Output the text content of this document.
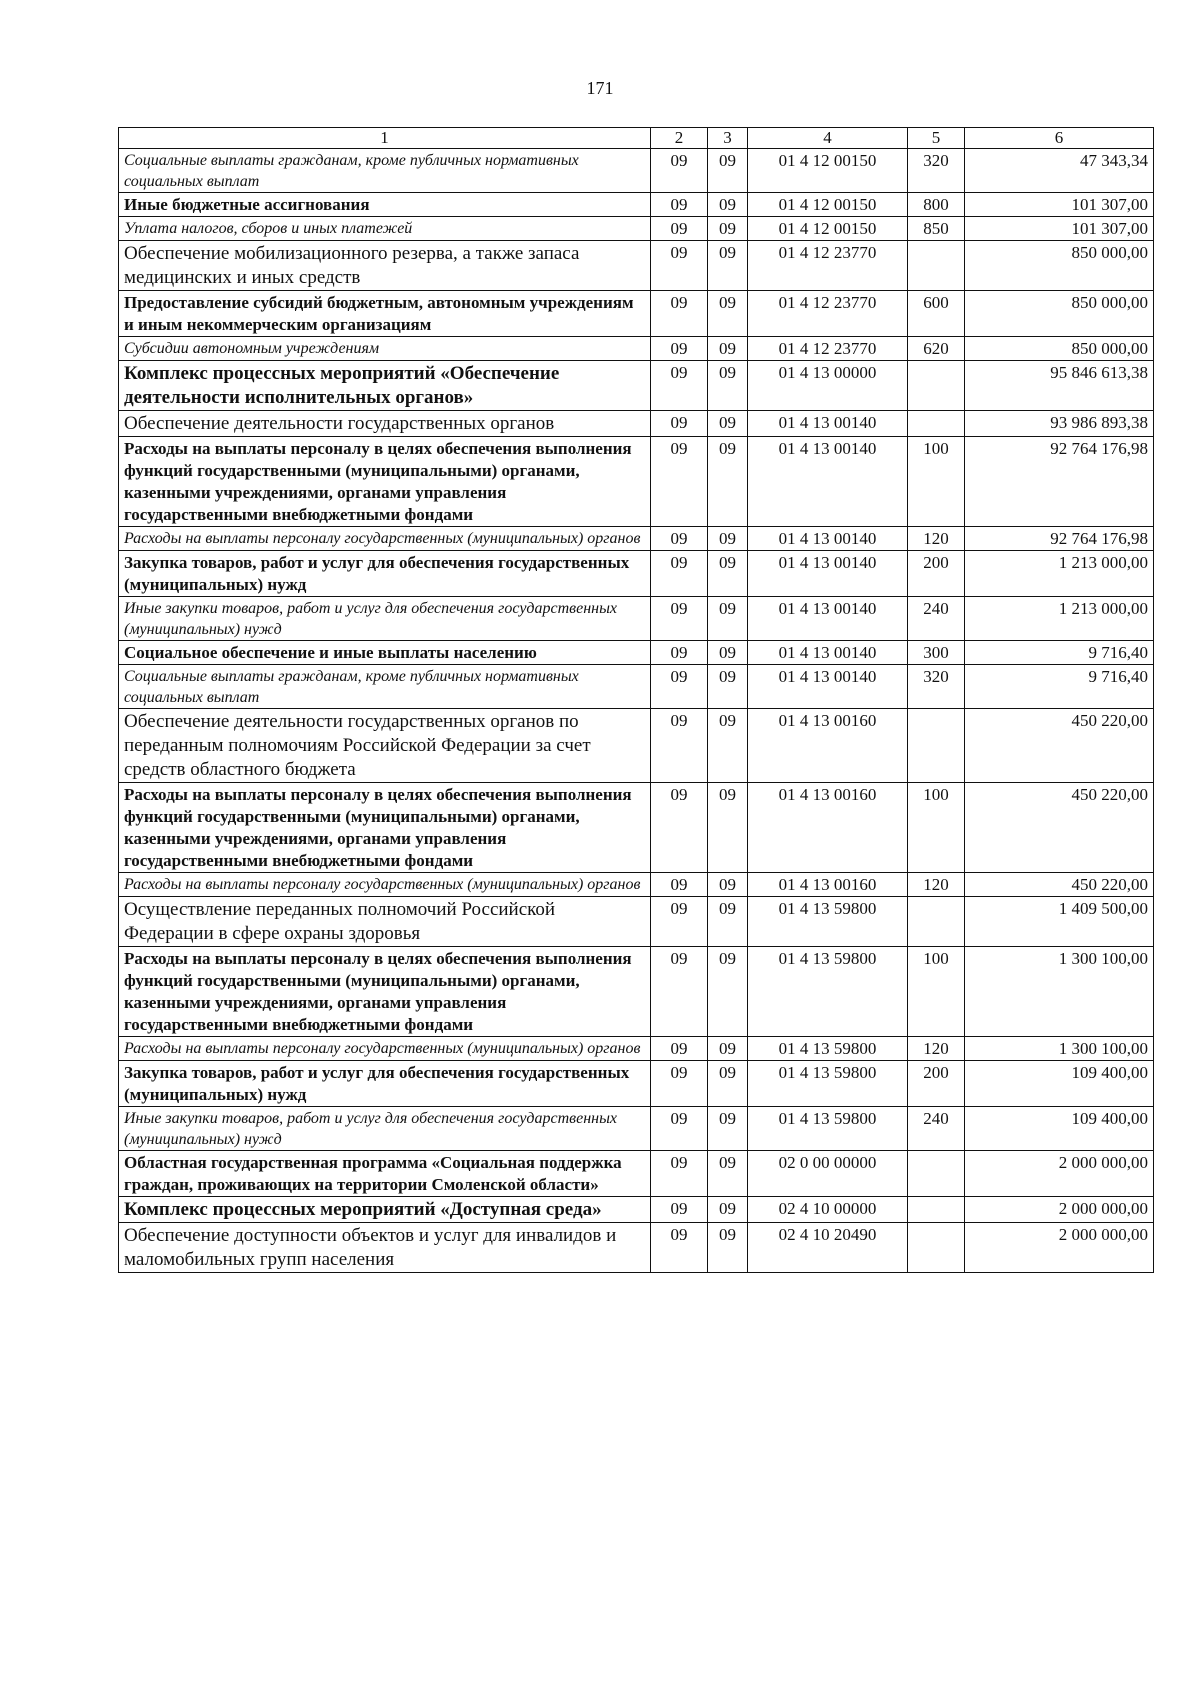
171
1	2	3	4	5	6
Социальные выплаты гражданам, кроме публичных нормативных социальных выплат	09	09	01 4 12 00150	320	47 343,34
Иные бюджетные ассигнования	09	09	01 4 12 00150	800	101 307,00
Уплата налогов, сборов и иных платежей	09	09	01 4 12 00150	850	101 307,00
Обеспечение мобилизационного резерва, а также запаса медицинских и иных средств	09	09	01 4 12 23770		850 000,00
Предоставление субсидий бюджетным, автономным учреждениям и иным некоммерческим организациям	09	09	01 4 12 23770	600	850 000,00
Субсидии автономным учреждениям	09	09	01 4 12 23770	620	850 000,00
Комплекс процессных мероприятий «Обеспечение деятельности исполнительных органов»	09	09	01 4 13 00000		95 846 613,38
Обеспечение деятельности государственных органов	09	09	01 4 13 00140		93 986 893,38
Расходы на выплаты персоналу в целях обеспечения выполнения функций государственными (муниципальными) органами, казенными учреждениями, органами управления государственными внебюджетными фондами	09	09	01 4 13 00140	100	92 764 176,98
Расходы на выплаты персоналу государственных (муниципальных) органов	09	09	01 4 13 00140	120	92 764 176,98
Закупка товаров, работ и услуг для обеспечения государственных (муниципальных) нужд	09	09	01 4 13 00140	200	1 213 000,00
Иные закупки товаров, работ и услуг для обеспечения государственных (муниципальных) нужд	09	09	01 4 13 00140	240	1 213 000,00
Социальное обеспечение и иные выплаты населению	09	09	01 4 13 00140	300	9 716,40
Социальные выплаты гражданам, кроме публичных нормативных социальных выплат	09	09	01 4 13 00140	320	9 716,40
Обеспечение деятельности государственных органов по переданным полномочиям Российской Федерации за счет средств областного бюджета	09	09	01 4 13 00160		450 220,00
Расходы на выплаты персоналу в целях обеспечения выполнения функций государственными (муниципальными) органами, казенными учреждениями, органами управления государственными внебюджетными фондами	09	09	01 4 13 00160	100	450 220,00
Расходы на выплаты персоналу государственных (муниципальных) органов	09	09	01 4 13 00160	120	450 220,00
Осуществление переданных полномочий Российской Федерации в сфере охраны здоровья	09	09	01 4 13 59800		1 409 500,00
Расходы на выплаты персоналу в целях обеспечения выполнения функций государственными (муниципальными) органами, казенными учреждениями, органами управления государственными внебюджетными фондами	09	09	01 4 13 59800	100	1 300 100,00
Расходы на выплаты персоналу государственных (муниципальных) органов	09	09	01 4 13 59800	120	1 300 100,00
Закупка товаров, работ и услуг для обеспечения государственных (муниципальных) нужд	09	09	01 4 13 59800	200	109 400,00
Иные закупки товаров, работ и услуг для обеспечения государственных (муниципальных) нужд	09	09	01 4 13 59800	240	109 400,00
Областная государственная программа «Социальная поддержка граждан, проживающих на территории Смоленской области»	09	09	02 0 00 00000		2 000 000,00
Комплекс процессных мероприятий «Доступная среда»	09	09	02 4 10 00000		2 000 000,00
Обеспечение доступности объектов и услуг для инвалидов и маломобильных групп населения	09	09	02 4 10 20490		2 000 000,00
